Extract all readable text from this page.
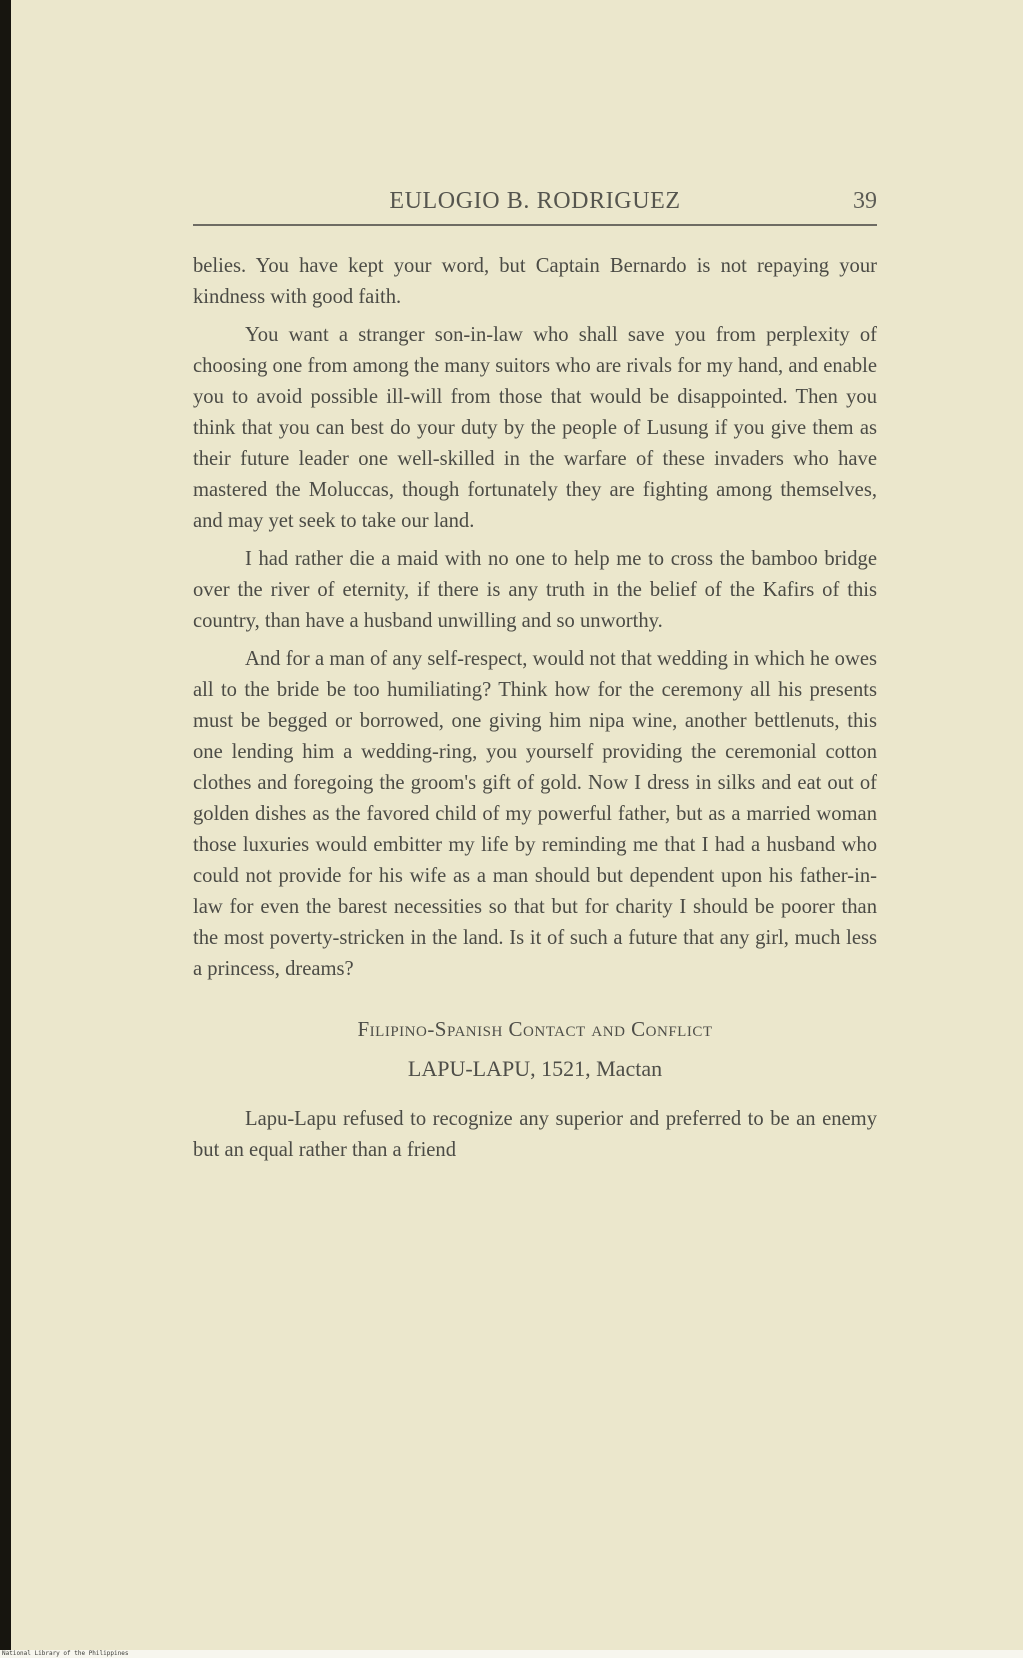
EULOGIO B. RODRIGUEZ	39

belies. You have kept your word, but Captain Bernardo is not repaying your kindness with good faith.

You want a stranger son-in-law who shall save you from perplexity of choosing one from among the many suitors who are rivals for my hand, and enable you to avoid possible ill-will from those that would be disappointed. Then you think that you can best do your duty by the people of Lusung if you give them as their future leader one well-skilled in the warfare of these invaders who have mastered the Moluccas, though fortunately they are fighting among themselves, and may yet seek to take our land.

I had rather die a maid with no one to help me to cross the bamboo bridge over the river of eternity, if there is any truth in the belief of the Kafirs of this country, than have a husband unwilling and so unworthy.

And for a man of any self-respect, would not that wedding in which he owes all to the bride be too humiliating? Think how for the ceremony all his presents must be begged or borrowed, one giving him nipa wine, another bettlenuts, this one lending him a wedding-ring, you yourself providing the ceremonial cotton clothes and foregoing the groom's gift of gold. Now I dress in silks and eat out of golden dishes as the favored child of my powerful father, but as a married woman those luxuries would embitter my life by reminding me that I had a husband who could not provide for his wife as a man should but dependent upon his father-in-law for even the barest necessities so that but for charity I should be poorer than the most poverty-stricken in the land. Is it of such a future that any girl, much less a princess, dreams?

Filipino-Spanish Contact and Conflict
LAPU-LAPU, 1521, Mactan

Lapu-Lapu refused to recognize any superior and preferred to be an enemy but an equal rather than a friend

National Library of the Philippines
